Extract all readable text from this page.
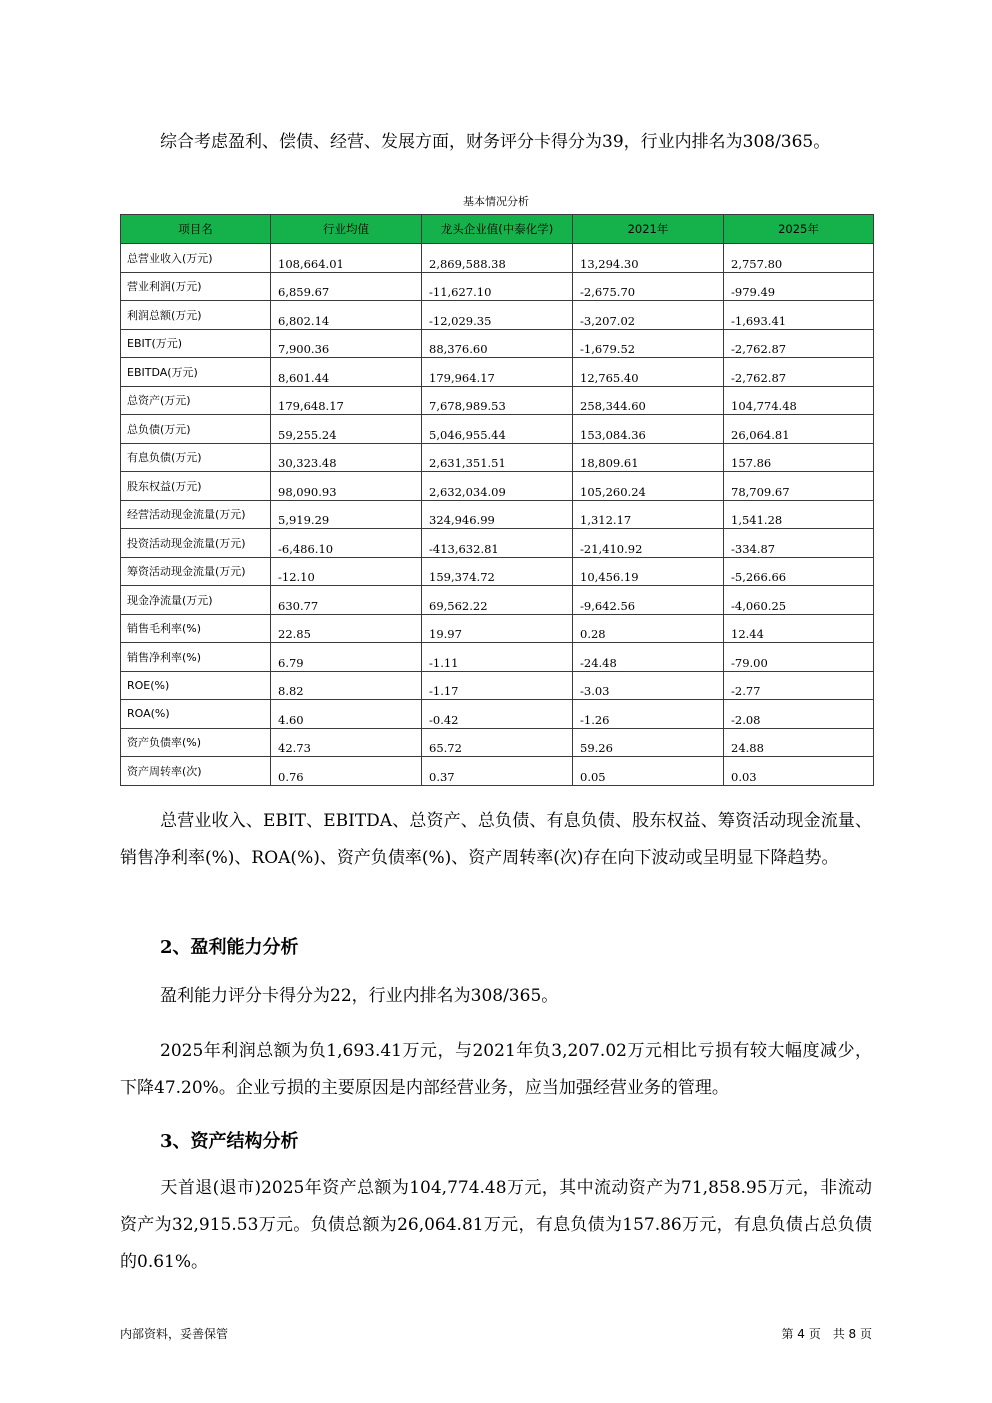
综合考虑盈利、偿债、经营、发展方面，财务评分卡得分为39，行业内排名为308/365。
基本情况分析
项目名	行业均值	龙头企业值(中泰化学)	2021年	2025年
总营业收入(万元)	108,664.01	2,869,588.38	13,294.30	2,757.80
营业利润(万元)	6,859.67	-11,627.10	-2,675.70	-979.49
利润总额(万元)	6,802.14	-12,029.35	-3,207.02	-1,693.41
EBIT(万元)	7,900.36	88,376.60	-1,679.52	-2,762.87
EBITDA(万元)	8,601.44	179,964.17	12,765.40	-2,762.87
总资产(万元)	179,648.17	7,678,989.53	258,344.60	104,774.48
总负债(万元)	59,255.24	5,046,955.44	153,084.36	26,064.81
有息负债(万元)	30,323.48	2,631,351.51	18,809.61	157.86
股东权益(万元)	98,090.93	2,632,034.09	105,260.24	78,709.67
经营活动现金流量(万元)	5,919.29	324,946.99	1,312.17	1,541.28
投资活动现金流量(万元)	-6,486.10	-413,632.81	-21,410.92	-334.87
筹资活动现金流量(万元)	-12.10	159,374.72	10,456.19	-5,266.66
现金净流量(万元)	630.77	69,562.22	-9,642.56	-4,060.25
销售毛利率(%)	22.85	19.97	0.28	12.44
销售净利率(%)	6.79	-1.11	-24.48	-79.00
ROE(%)	8.82	-1.17	-3.03	-2.77
ROA(%)	4.60	-0.42	-1.26	-2.08
资产负债率(%)	42.73	65.72	59.26	24.88
资产周转率(次)	0.76	0.37	0.05	0.03
总营业收入、EBIT、EBITDA、总资产、总负债、有息负债、股东权益、筹资活动现金流量、销售净利率(%)、ROA(%)、资产负债率(%)、资产周转率(次)存在向下波动或呈明显下降趋势。
2、盈利能力分析
盈利能力评分卡得分为22，行业内排名为308/365。
2025年利润总额为负1,693.41万元，与2021年负3,207.02万元相比亏损有较大幅度减少，下降47.20%。企业亏损的主要原因是内部经营业务，应当加强经营业务的管理。
3、资产结构分析
天首退(退市)2025年资产总额为104,774.48万元，其中流动资产为71,858.95万元，非流动资产为32,915.53万元。负债总额为26,064.81万元，有息负债为157.86万元，有息负债占总负债的0.61%。
内部资料，妥善保管	第 4 页　共 8 页
